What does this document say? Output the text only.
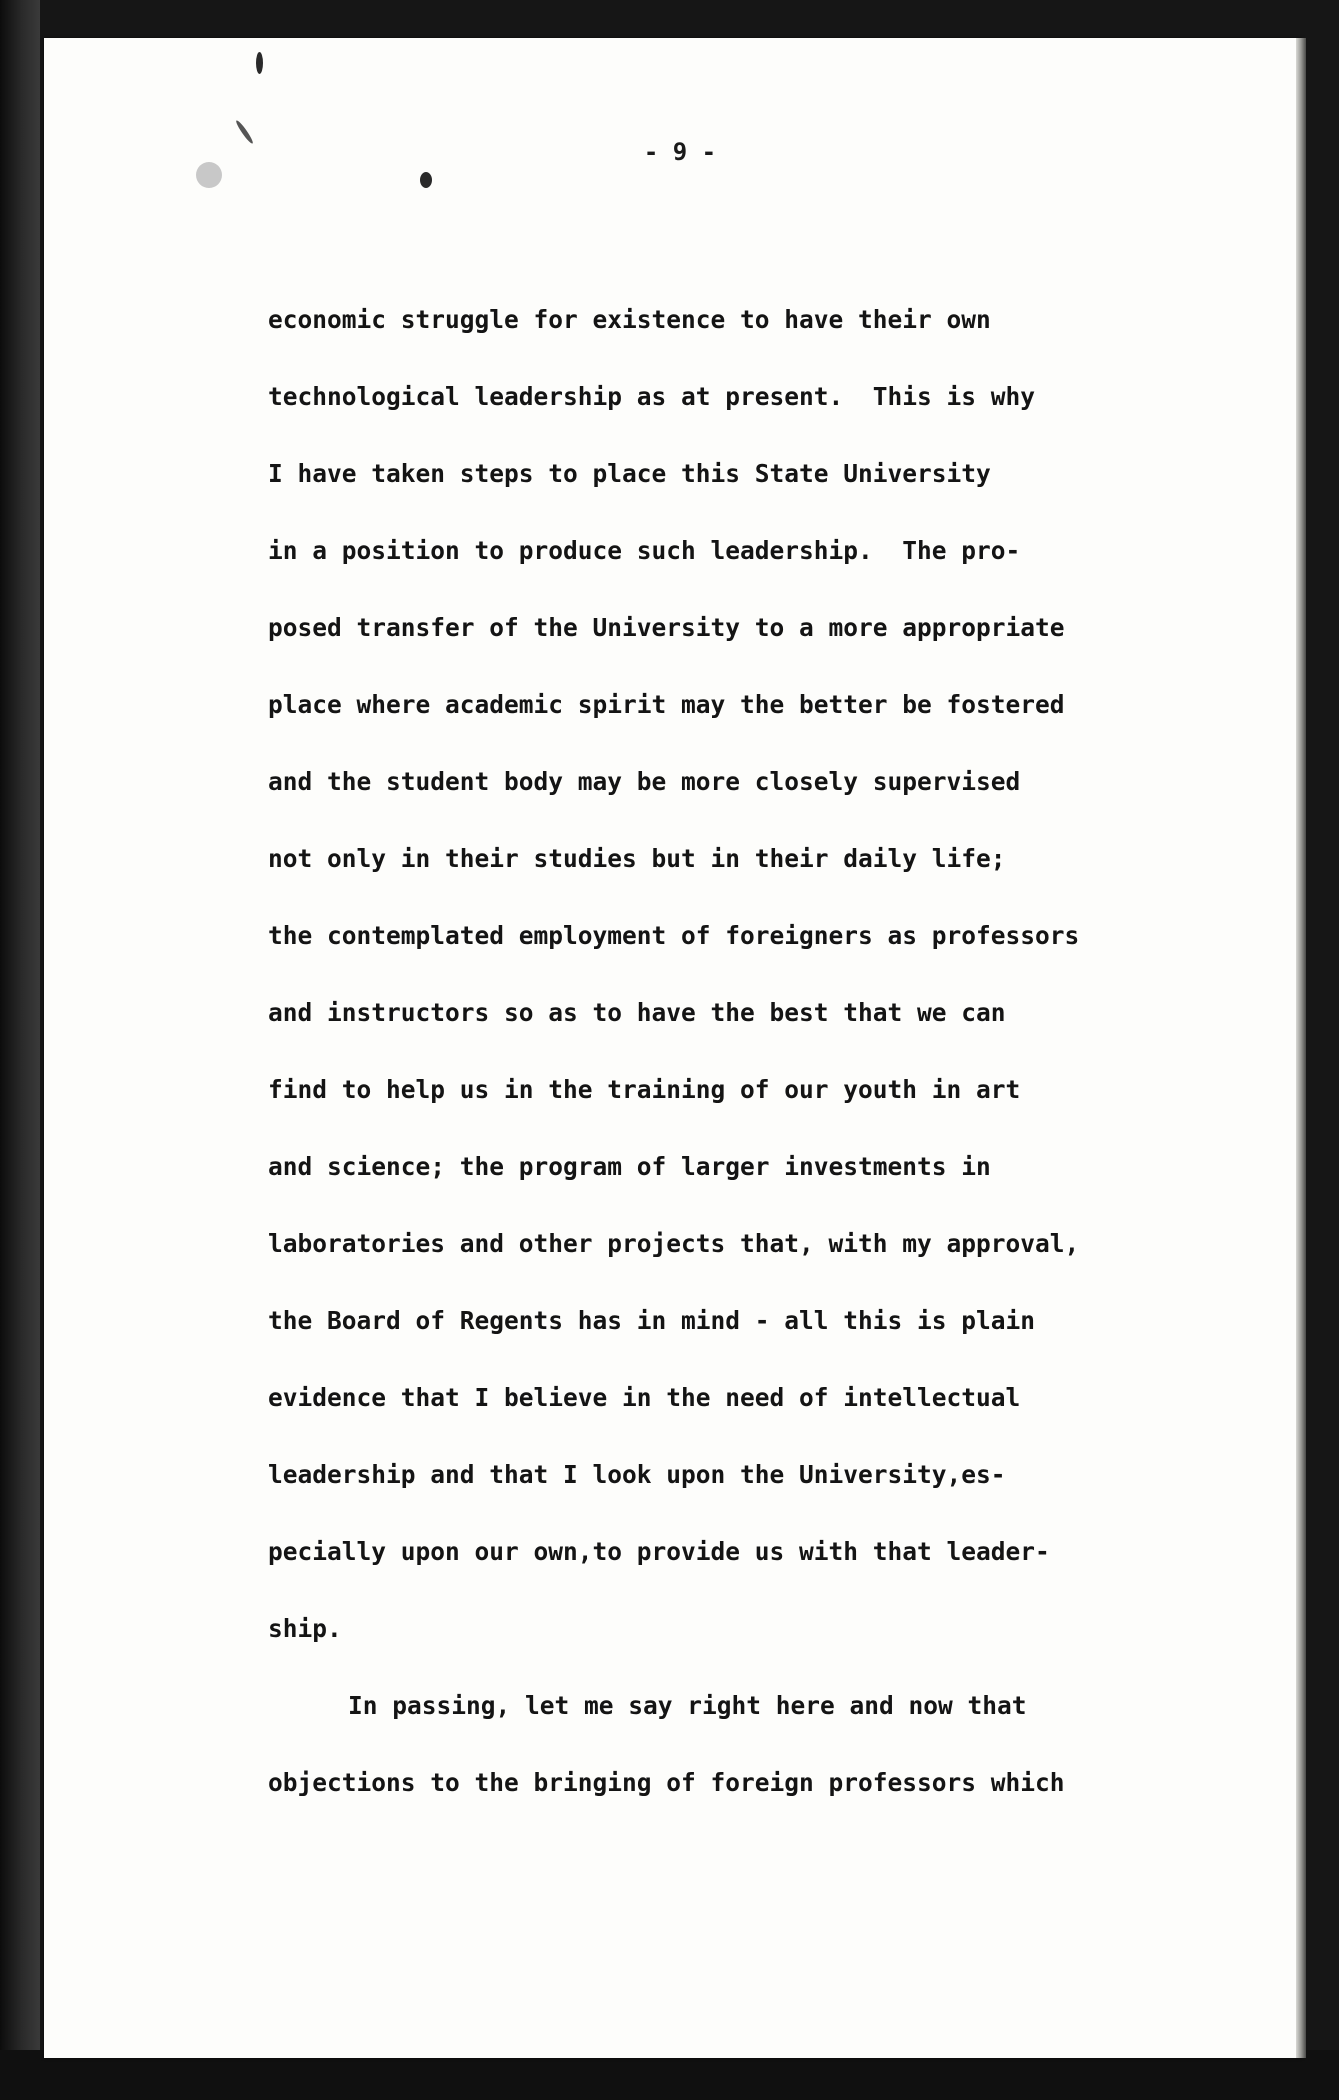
- 9 -
economic struggle for existence to have their own
technological leadership as at present.  This is why
I have taken steps to place this State University
in a position to produce such leadership.  The pro-
posed transfer of the University to a more appropriate
place where academic spirit may the better be fostered
and the student body may be more closely supervised
not only in their studies but in their daily life;
the contemplated employment of foreigners as professors
and instructors so as to have the best that we can
find to help us in the training of our youth in art
and science; the program of larger investments in
laboratories and other projects that, with my approval,
the Board of Regents has in mind - all this is plain
evidence that I believe in the need of intellectual
leadership and that I look upon the University,es-
pecially upon our own,to provide us with that leader-
ship.
In passing, let me say right here and now that
objections to the bringing of foreign professors which
